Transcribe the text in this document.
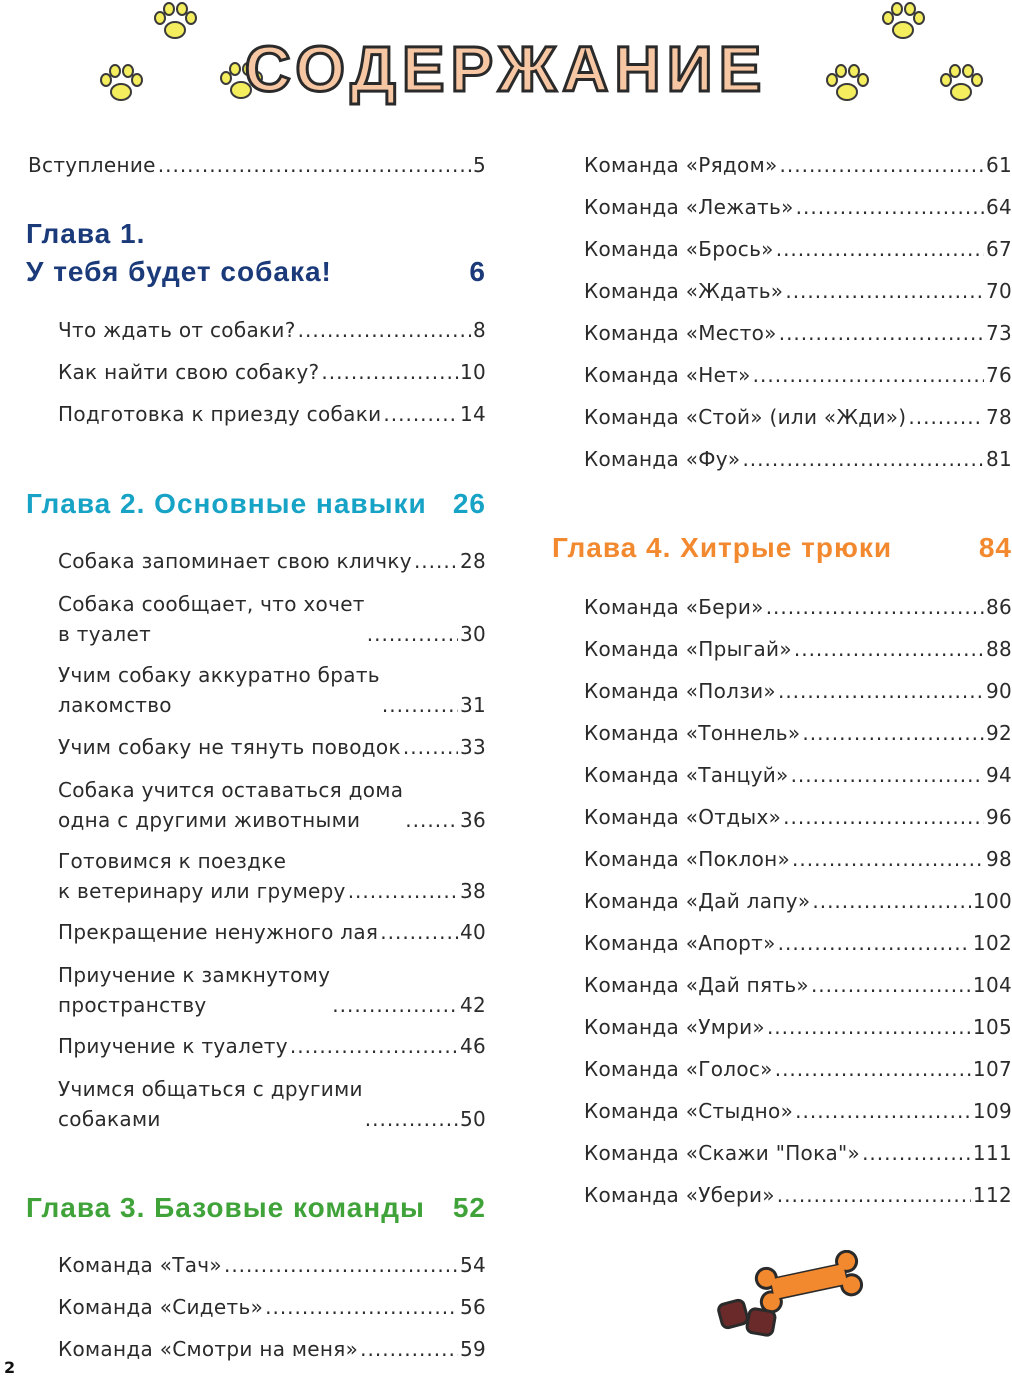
СОДЕРЖАНИЕ
Вступление .....	5
Глава 1.
У тебя будет собака!	6
Что ждать от собаки? .....	8
Как найти свою собаку? .....	10
Подготовка к приезду собаки .....	14
Глава 2. Основные навыки 26
Собака запоминает свою кличку ..... 28
Собака сообщает, что хочет
в туалет .....	30
Учим собаку аккуратно брать
лакомство .....	31
Учим собаку не тянуть поводок .....	33
Собака учится оставаться дома
одна с другими животными .....	36
Готовимся к поездке
к ветеринару или грумеру .....	38
Прекращение ненужного лая .....	40
Приучение к замкнутому
пространству .....	42
Приучение к туалету .....	46
Учимся общаться с другими
собаками .....	50
Глава 3. Базовые команды 52
Команда «Тач» .....	54
Команда «Сидеть» .....	56
Команда «Смотри на меня» .....	59
Команда «Рядом» .....	61
Команда «Лежать» .....	64
Команда «Брось» .....	67
Команда «Ждать» .....	70
Команда «Место» .....	73
Команда «Нет» .....	76
Команда «Стой» (или «Жди») .....	78
Команда «Фу» .....	81
Глава 4. Хитрые трюки	84
Команда «Бери» .....	86
Команда «Прыгай» .....	88
Команда «Ползи» .....	90
Команда «Тоннель» .....	92
Команда «Танцуй» .....	94
Команда «Отдых» .....	96
Команда «Поклон» .....	98
Команда «Дай лапу» .....	100
Команда «Апорт» .....	102
Команда «Дай пять» .....	104
Команда «Умри» .....	105
Команда «Голос» .....	107
Команда «Стыдно» .....	109
Команда «Скажи "Пока"» .....	111
Команда «Убери» .....	112
2
